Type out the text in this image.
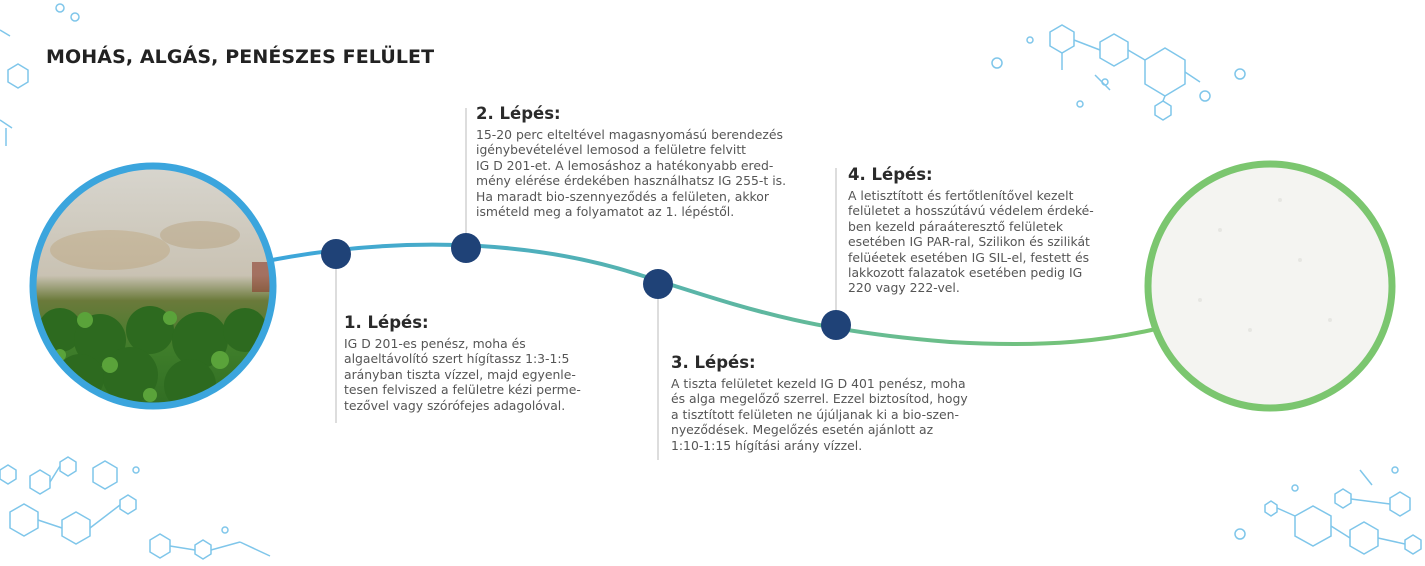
MOHÁS, ALGÁS, PENÉSZES FELÜLET

1. Lépés:

IG D 201-es penész, moha és
algaeltávolító szert hígítassz 1:3-1:5
arányban tiszta vízzel, majd egyenle-
tesen felviszed a felületre kézi perme-
tezővel vagy szórófejes adagolóval.

2. Lépés:

15-20 perc elteltével magasnyomású berendezés
igénybevételével lemosod a felületre felvitt
IG D 201-et. A lemosáshoz a hatékonyabb ered-
mény elérése érdekében használhatsz IG 255-t is.
Ha maradt bio-szennyeződés a felületen, akkor
ismételd meg a folyamatot az 1. lépéstől.

3. Lépés:

A tiszta felületet kezeld IG D 401 penész, moha
és alga megelőző szerrel. Ezzel biztosítod, hogy
a tisztított felületen ne újúljanak ki a bio-szen-
nyeződések. Megelőzés esetén ajánlott az
1:10-1:15 hígítási arány vízzel.

4. Lépés:

A letisztított és fertőtlenítővel kezelt
felületet a hosszútávú védelem érdeké-
ben kezeld páraáteresztő felületek
esetében IG PAR-ral, Szilikon és szilikát
felüéetek esetében IG SIL-el, festett és
lakkozott falazatok esetében pedig IG
220 vagy 222-vel.
